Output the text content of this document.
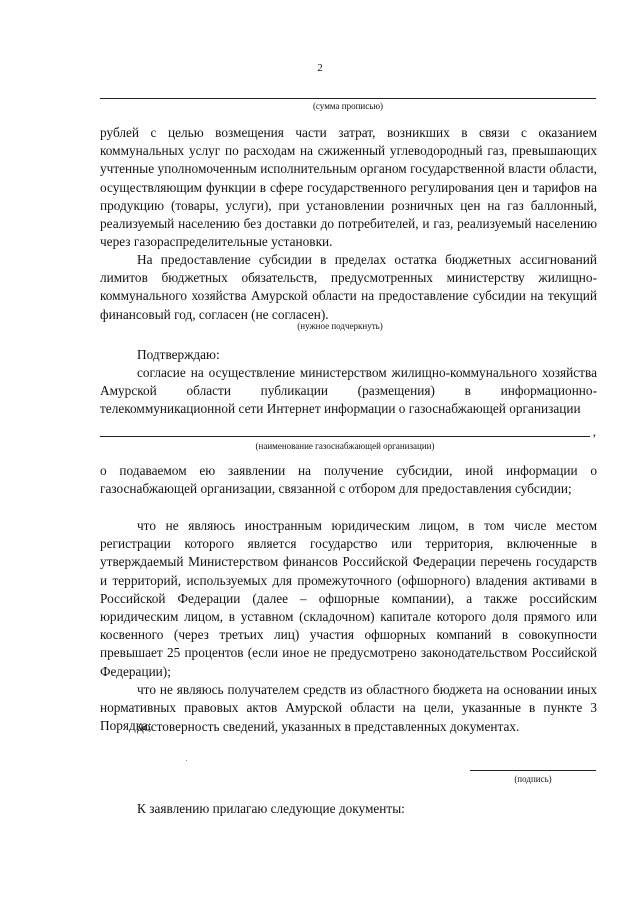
2
(сумма прописью)

рублей с целью возмещения части затрат, возникших в связи с оказанием коммунальных услуг по расходам на сжиженный углеводородный газ, превышающих учтенные уполномоченным исполнительным органом государственной власти области, осуществляющим функции в сфере государственного регулирования цен и тарифов на продукцию (товары, услуги), при установлении розничных цен на газ баллонный, реализуемый населению без доставки до потребителей, и газ, реализуемый населению через газораспределительные установки.

На предоставление субсидии в пределах остатка бюджетных ассигнований лимитов бюджетных обязательств, предусмотренных министерству жилищно-коммунального хозяйства Амурской области на предоставление субсидии на текущий финансовый год, согласен (не согласен).

(нужное подчеркнуть)

Подтверждаю:

согласие на осуществление министерством жилищно-коммунального хозяйства Амурской области публикации (размещения) в информационно-телекоммуникационной сети Интернет информации о газоснабжающей организации

,
(наименование газоснабжающей организации)

о подаваемом ею заявлении на получение субсидии, иной информации о газоснабжающей организации, связанной с отбором для предоставления субсидии;

что не являюсь иностранным юридическим лицом, в том числе местом регистрации которого является государство или территория, включенные в утверждаемый Министерством финансов Российской Федерации перечень государств и территорий, используемых для промежуточного (офшорного) владения активами в Российской Федерации (далее – офшорные компании), а также российским юридическим лицом, в уставном (складочном) капитале которого доля прямого или косвенного (через третьих лиц) участия офшорных компаний в совокупности превышает 25 процентов (если иное не предусмотрено законодательством Российской Федерации);

что не являюсь получателем средств из областного бюджета на основании иных нормативных правовых актов Амурской области на цели, указанные в пункте 3 Порядка;

достоверность сведений, указанных в представленных документах.

(подпись)

К заявлению прилагаю следующие документы:
